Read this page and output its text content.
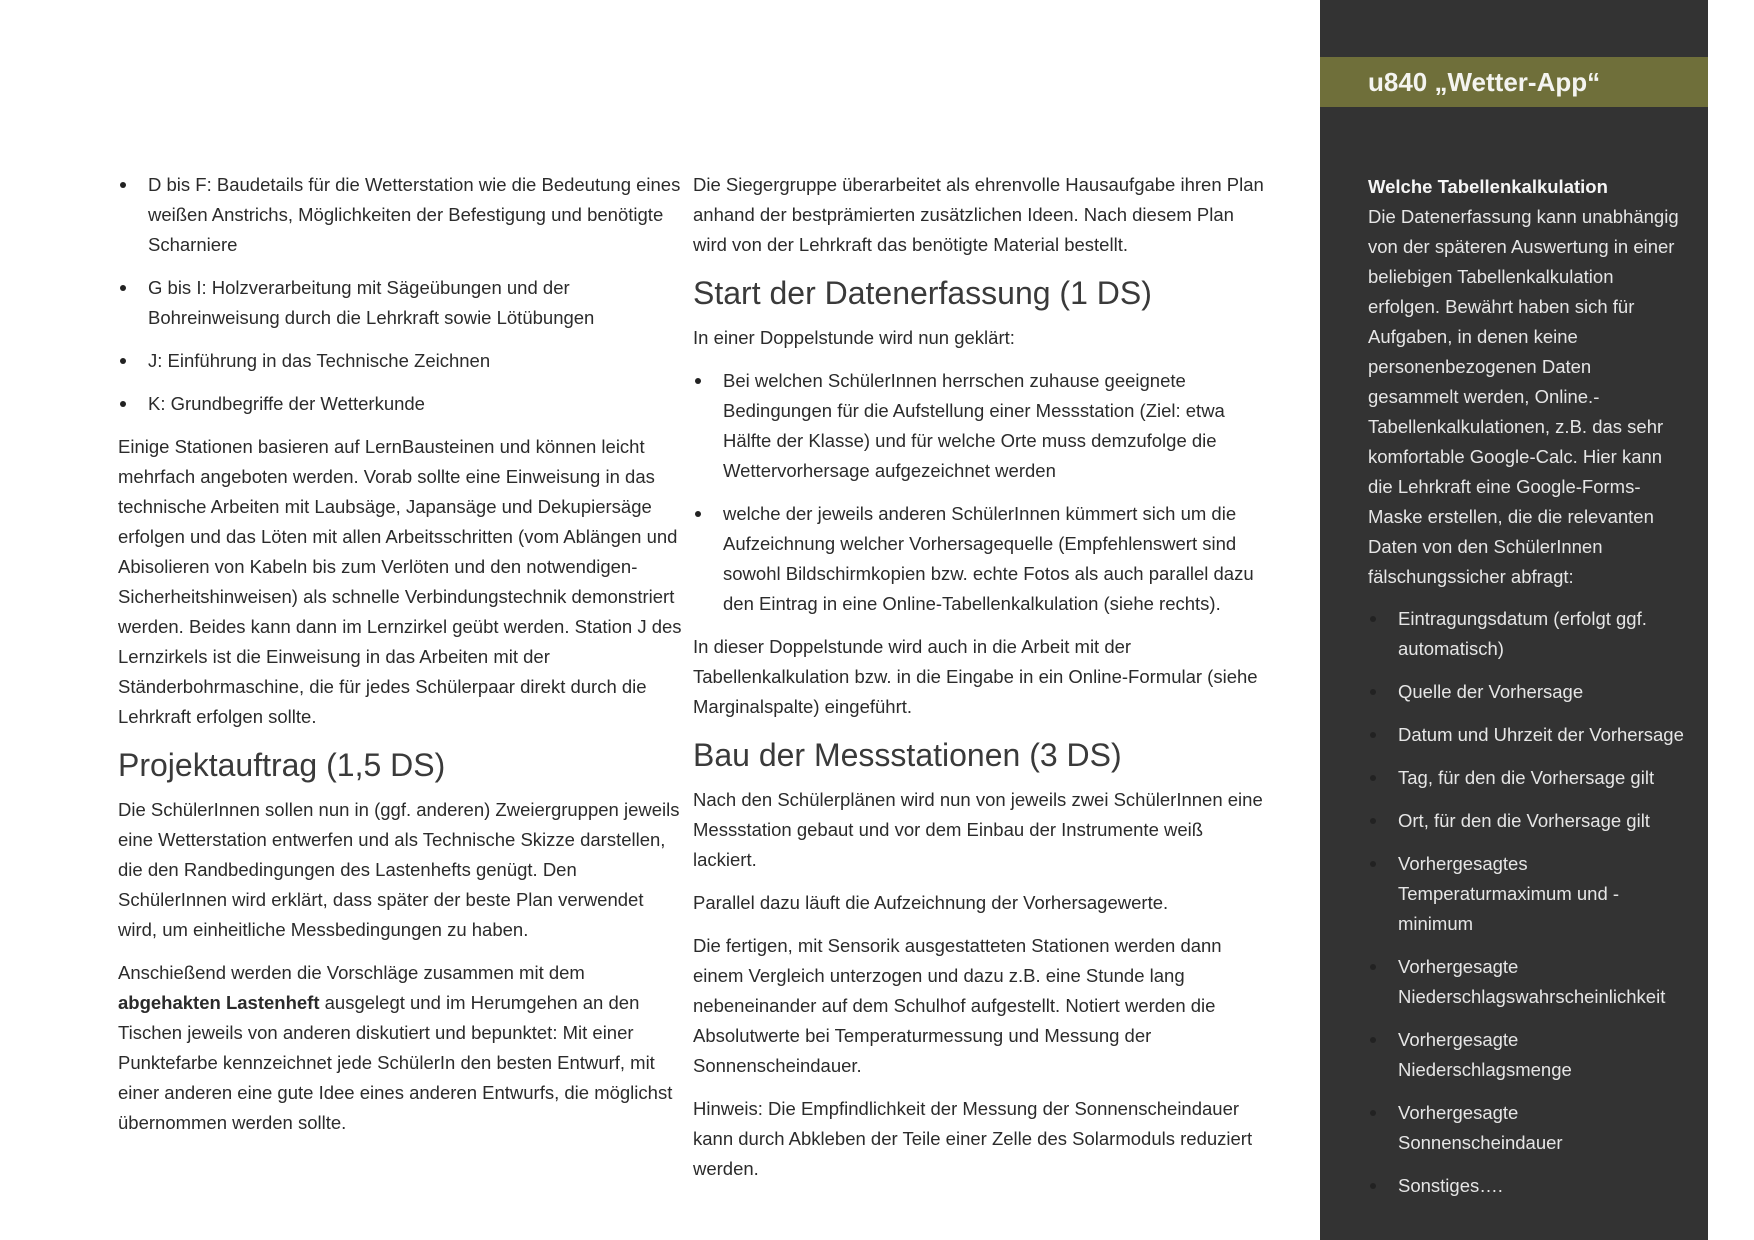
D bis F: Baudetails für die Wetterstation wie die Bedeutung eines weißen Anstrichs, Möglichkeiten der Befestigung und benötigte Scharniere
G bis I: Holzverarbeitung mit Sägeübungen und der Bohreinweisung durch die Lehrkraft sowie Lötübungen
J: Einführung in das Technische Zeichnen
K: Grundbegriffe der Wetterkunde

Einige Stationen basieren auf LernBausteinen und können leicht mehrfach angeboten werden. Vorab sollte eine Einweisung in das technische Arbeiten mit Laubsäge, Japansäge und Dekupiersäge erfolgen und das Löten mit allen Arbeitsschritten (vom Ablängen und Abisolieren von Kabeln bis zum Verlöten und den notwendigen-Sicherheitshinweisen) als schnelle Verbindungstechnik demonstriert werden. Beides kann dann im Lernzirkel geübt werden. Station J des Lernzirkels ist die Einweisung in das Arbeiten mit der Ständerbohrmaschine, die für jedes Schülerpaar direkt durch die Lehrkraft erfolgen sollte.

Projektauftrag (1,5 DS)

Die SchülerInnen sollen nun in (ggf. anderen) Zweiergruppen jeweils eine Wetterstation entwerfen und als Technische Skizze darstellen, die den Randbedingungen des Lastenhefts genügt. Den SchülerInnen wird erklärt, dass später der beste Plan verwendet wird, um einheitliche Messbedingungen zu haben.

Anschießend werden die Vorschläge zusammen mit dem abgehakten Lastenheft ausgelegt und im Herumgehen an den Tischen jeweils von anderen diskutiert und bepunktet: Mit einer Punktefarbe kennzeichnet jede SchülerIn den besten Entwurf, mit einer anderen eine gute Idee eines anderen Entwurfs, die möglichst übernommen werden sollte.

Die Siegergruppe überarbeitet als ehrenvolle Hausaufgabe ihren Plan anhand der bestprämierten zusätzlichen Ideen. Nach diesem Plan wird von der Lehrkraft das benötigte Material bestellt.

Start der Datenerfassung (1 DS)

In einer Doppelstunde wird nun geklärt:

Bei welchen SchülerInnen herrschen zuhause geeignete Bedingungen für die Aufstellung einer Messstation (Ziel: etwa Hälfte der Klasse) und für welche Orte muss demzufolge die Wettervorhersage aufgezeichnet werden
welche der jeweils anderen SchülerInnen kümmert sich um die Aufzeichnung welcher Vorhersagequelle (Empfehlenswert sind sowohl Bildschirmkopien bzw. echte Fotos als auch parallel dazu den Eintrag in eine Online-Tabellenkalkulation (siehe rechts).

In dieser Doppelstunde wird auch in die Arbeit mit der Tabellenkalkulation bzw. in die Eingabe in ein Online-Formular (siehe Marginalspalte) eingeführt.

Bau der Messstationen (3 DS)

Nach den Schülerplänen wird nun von jeweils zwei SchülerInnen eine Messstation gebaut und vor dem Einbau der Instrumente weiß lackiert.

Parallel dazu läuft die Aufzeichnung der Vorhersagewerte.

Die fertigen, mit Sensorik ausgestatteten Stationen werden dann einem Vergleich unterzogen und dazu z.B. eine Stunde lang nebeneinander auf dem Schulhof aufgestellt. Notiert werden die Absolutwerte bei Temperaturmessung und Messung der Sonnenscheindauer.

Hinweis: Die Empfindlichkeit der Messung der Sonnenscheindauer kann durch Abkleben der Teile einer Zelle des Solarmoduls reduziert werden.

u840 „Wetter-App“
Welche Tabellenkalkulation

Die Datenerfassung kann unabhängig von der späteren Auswertung in einer beliebigen Tabellenkalkulation erfolgen. Bewährt haben sich für Aufgaben, in denen keine personenbezogenen Daten gesammelt werden, Online.-Tabellenkalkulationen, z.B. das sehr komfortable Google-Calc. Hier kann die Lehrkraft eine Google-Forms-Maske erstellen, die die relevanten Daten von den SchülerInnen fälschungssicher abfragt:

Eintragungsdatum (erfolgt ggf. automatisch)
Quelle der Vorhersage
Datum und Uhrzeit der Vorhersage
Tag, für den die Vorhersage gilt
Ort, für den die Vorhersage gilt
Vorhergesagtes Temperaturmaximum und -minimum
Vorhergesagte Niederschlagswahrscheinlichkeit
Vorhergesagte Niederschlagsmenge
Vorhergesagte Sonnenscheindauer
Sonstiges….
